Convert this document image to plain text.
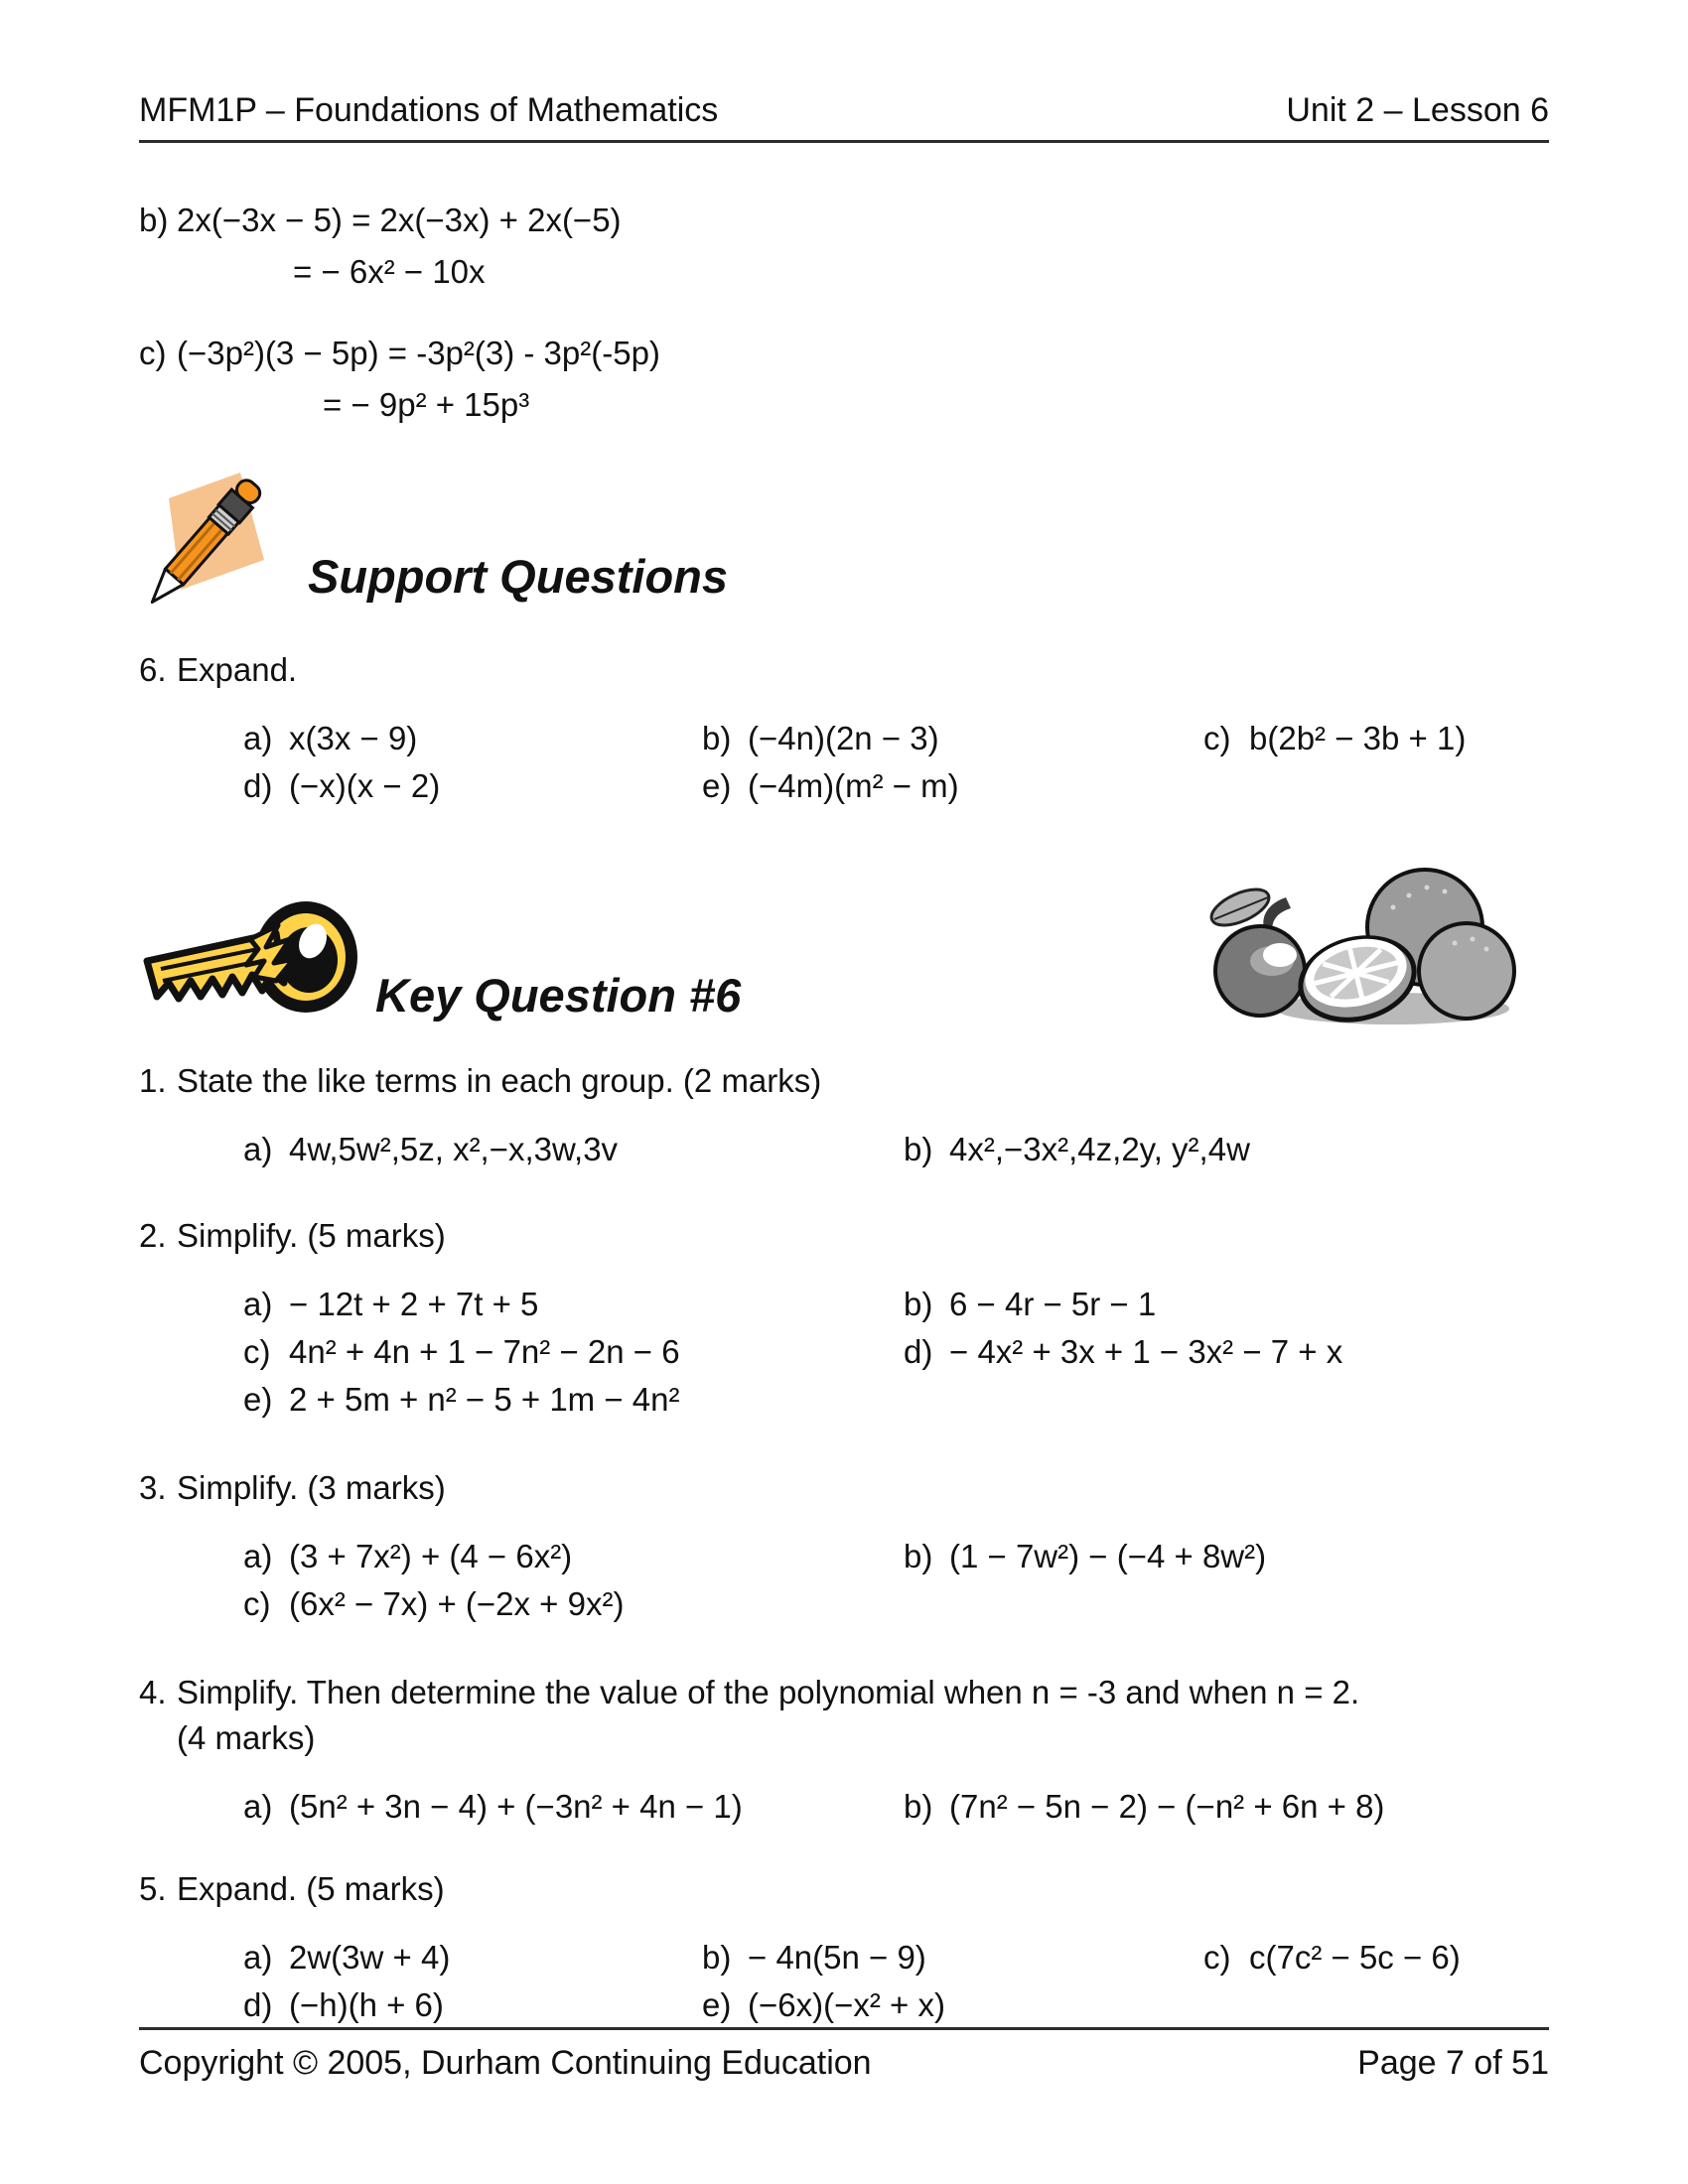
MFM1P – Foundations of Mathematics	Unit 2 – Lesson 6
b) 2x(−3x − 5) = 2x(−3x) + 2x(−5)
= − 6x² − 10x
c) (−3p²)(3 − 5p) = -3p²(3) - 3p²(-5p)
= − 9p² + 15p³
Support Questions
6. Expand.
a) x(3x − 9)	b) (−4n)(2n − 3)	c) b(2b² − 3b + 1)
d) (−x)(x − 2)	e) (−4m)(m² − m)
Key Question #6
1. State the like terms in each group. (2 marks)
a) 4w,5w²,5z, x²,−x,3w,3v	b) 4x²,−3x²,4z,2y, y²,4w
2. Simplify. (5 marks)
a) − 12t + 2 + 7t + 5	b) 6 − 4r − 5r − 1
c) 4n² + 4n + 1 − 7n² − 2n − 6	d) − 4x² + 3x + 1 − 3x² − 7 + x
e) 2 + 5m + n² − 5 + 1m − 4n²
3. Simplify. (3 marks)
a) (3 + 7x²) + (4 − 6x²)	b) (1 − 7w²) − (−4 + 8w²)
c) (6x² − 7x) + (−2x + 9x²)
4. Simplify. Then determine the value of the polynomial when n = -3 and when n = 2.
(4 marks)
a) (5n² + 3n − 4) + (−3n² + 4n − 1)	b) (7n² − 5n − 2) − (−n² + 6n + 8)
5. Expand. (5 marks)
a) 2w(3w + 4)	b) − 4n(5n − 9)	c) c(7c² − 5c − 6)
d) (−h)(h + 6)	e) (−6x)(−x² + x)
Copyright © 2005, Durham Continuing Education	Page 7 of 51
